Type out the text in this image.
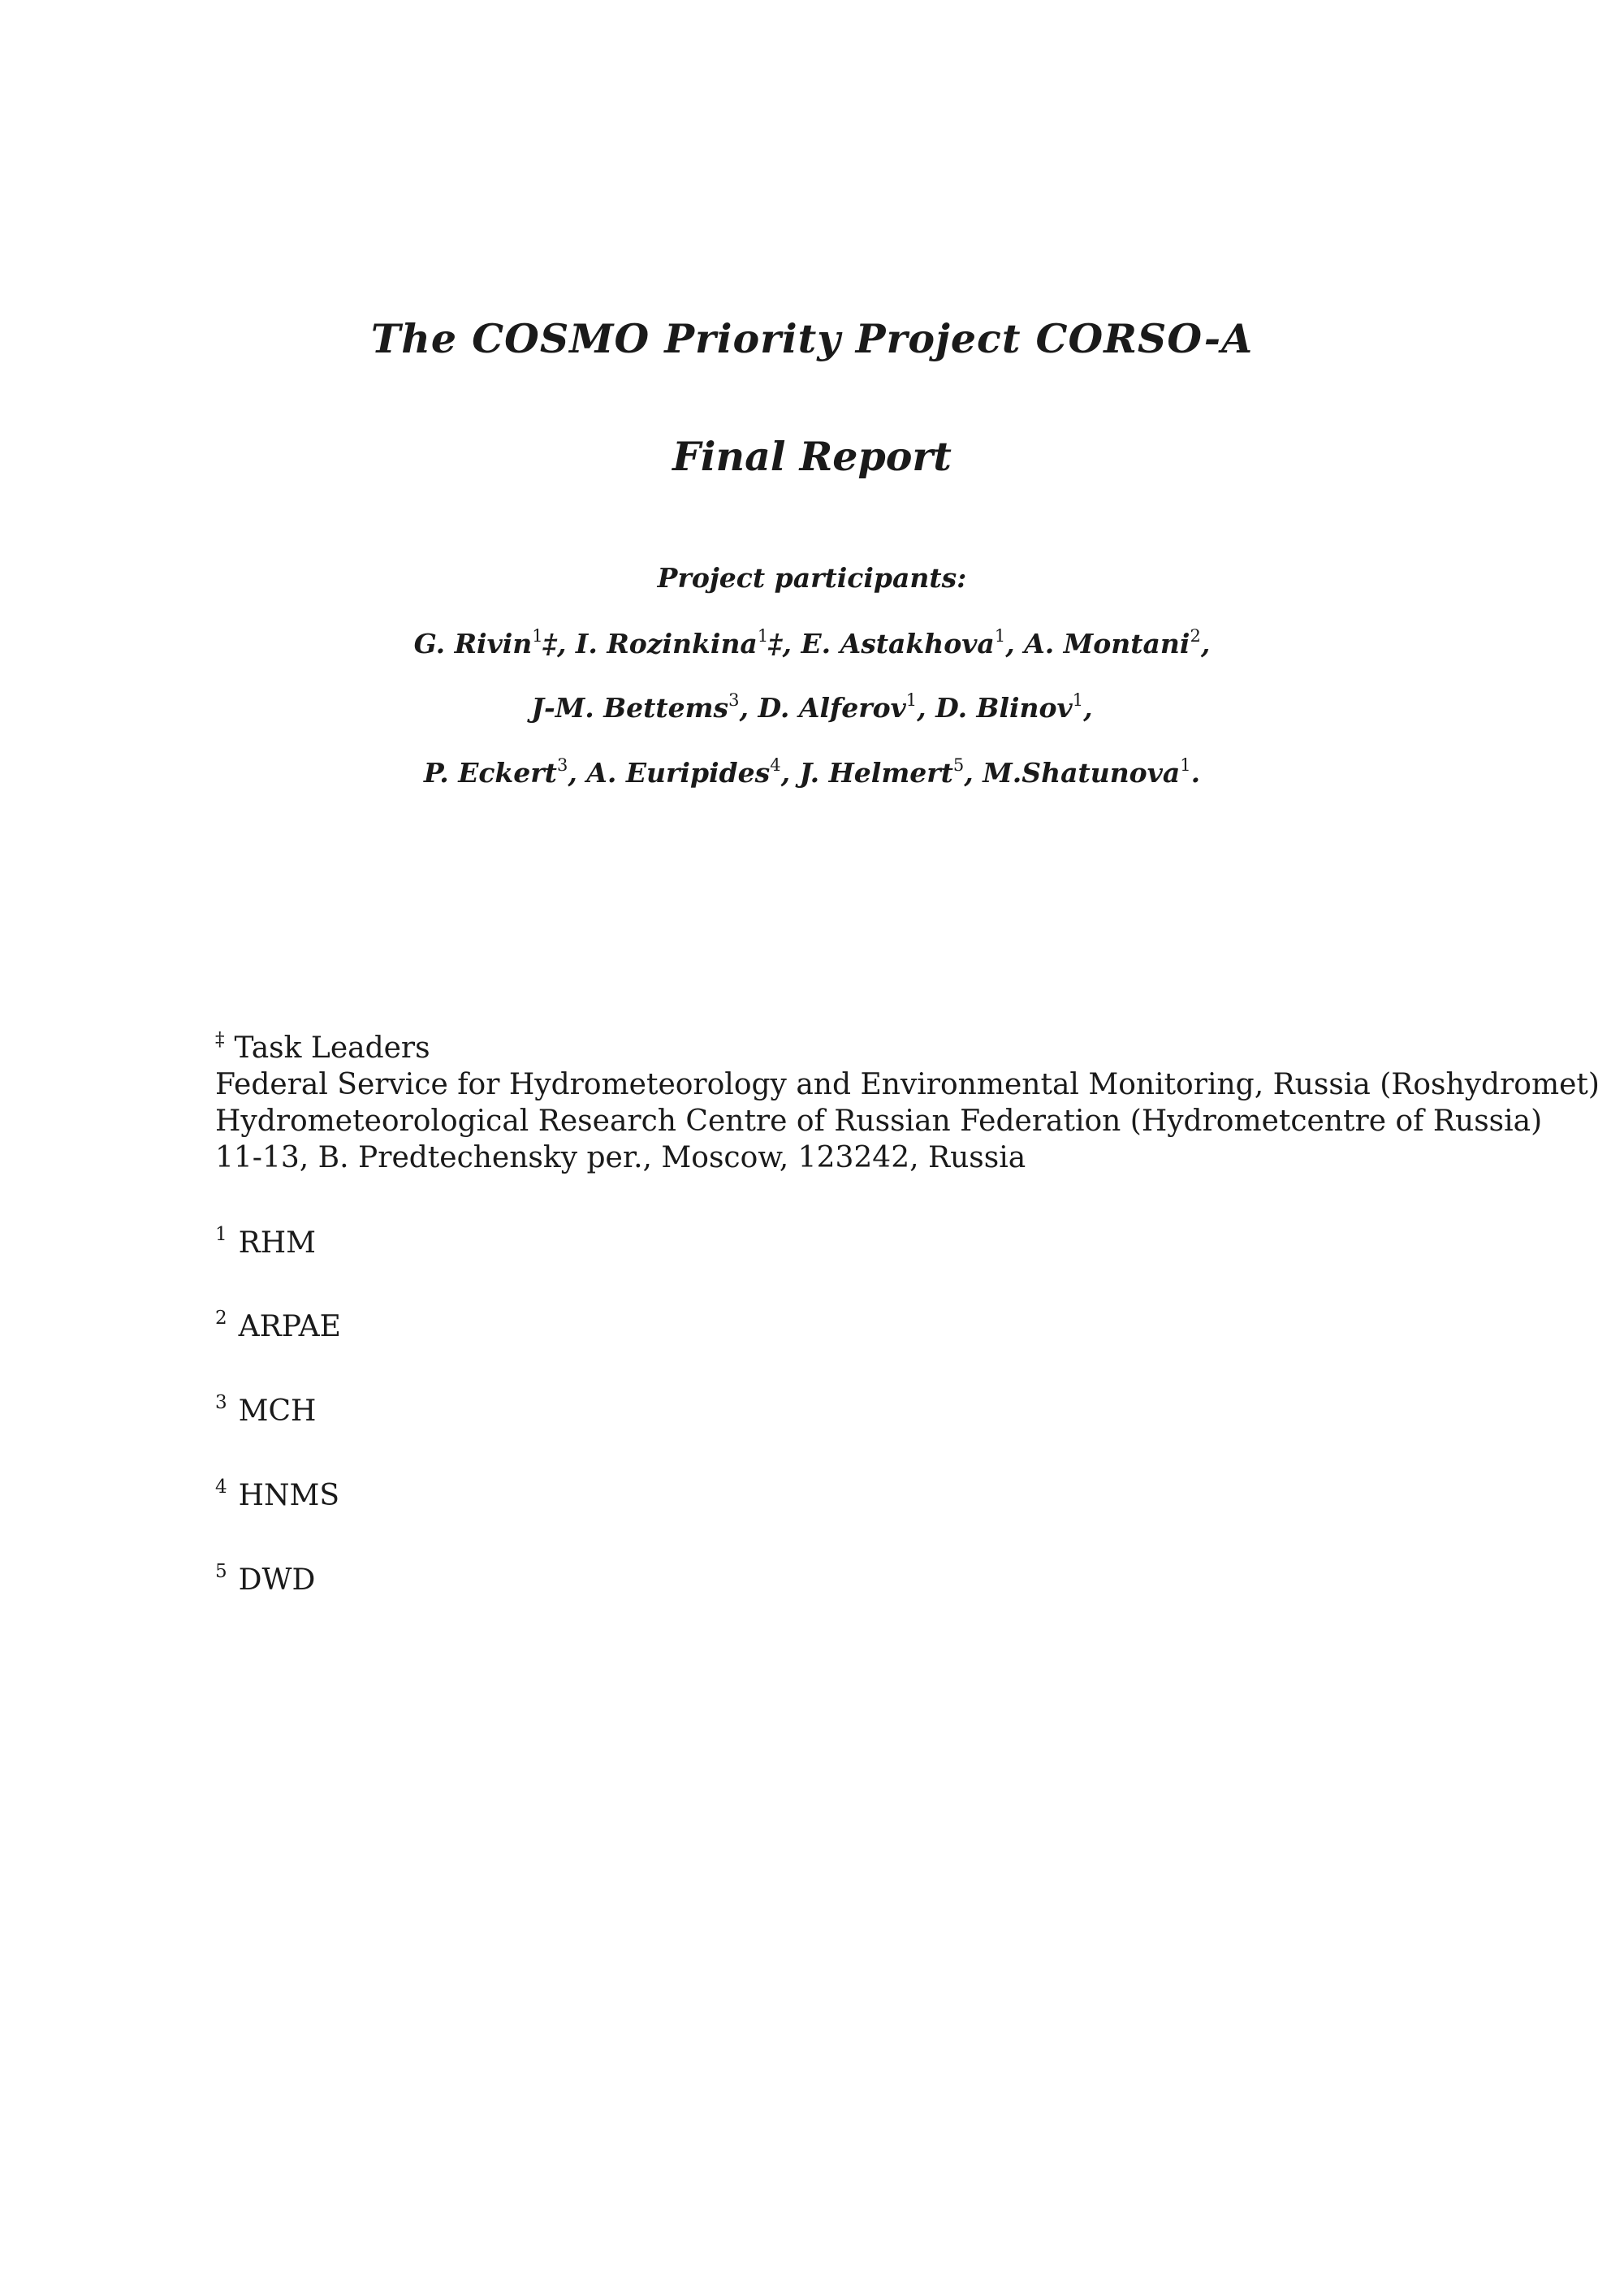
The COSMO Priority Project CORSO-A
Final Report
Project participants:
G. Rivin$^1$‡, I. Rozinkina$^1$‡, E. Astakhova$^1$, A. Montani$^2$,
J-M. Bettems$^3$, D. Alferov$^1$, D. Blinov$^1$,
P. Eckert$^3$, A. Euripides$^4$, J. Helmert$^5$, M.Shatunova$^1$.
‡ Task Leaders
Federal Service for Hydrometeorology and Environmental Monitoring, Russia (Roshydromet)
Hydrometeorological Research Centre of Russian Federation (Hydrometcentre of Russia)
11-13, B. Predtechensky per., Moscow, 123242, Russia
$^1$ RHM
$^2$ ARPAE
$^3$ MCH
$^4$ HNMS
$^5$ DWD
